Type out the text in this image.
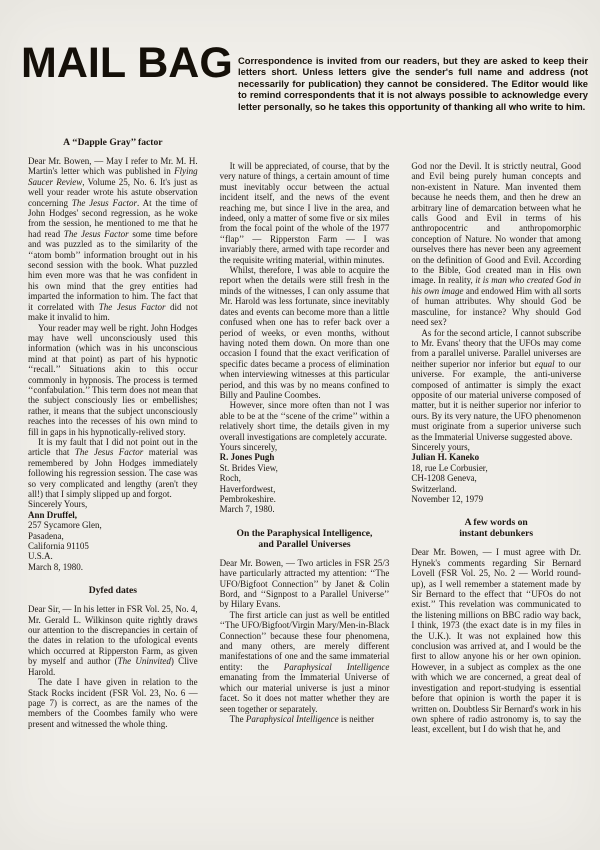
MAIL BAG Correspondence is invited from our readers, but they are asked to keep their letters short. Unless letters give the sender's full name and address (not necessarily for publication) they cannot be considered. The Editor would like to remind correspondents that it is not always possible to acknowledge every letter personally, so he takes this opportunity of thanking all who write to him.

A ‘‘Dapple Gray’’ factor

Dear Mr. Bowen, — May I refer to Mr. M. H. Martin's letter which was published in Flying Saucer Review, Volume 25, No. 6. It's just as well your reader wrote his astute observation concerning The Jesus Factor. At the time of John Hodges' second regression, as he woke from the session, he mentioned to me that he had read The Jesus Factor some time before and was puzzled as to the similarity of the ‘‘atom bomb’’ information brought out in his second session with the book. What puzzled him even more was that he was confident in his own mind that the grey entities had imparted the information to him. The fact that it correlated with The Jesus Factor did not make it invalid to him.

Your reader may well be right. John Hodges may have well unconsciously used this information (which was in his unconscious mind at that point) as part of his hypnotic ‘‘recall.’’ Situations akin to this occur commonly in hypnosis. The process is termed ‘‘confabulation.’’ This term does not mean that the subject consciously lies or embellishes; rather, it means that the subject unconsciously reaches into the recesses of his own mind to fill in gaps in his hypnotically-relived story.

It is my fault that I did not point out in the article that The Jesus Factor material was remembered by John Hodges immediately following his regression session. The case was so very complicated and lengthy (aren't they all!) that I simply slipped up and forgot.

Sincerely Yours,
Ann Druffel,
257 Sycamore Glen,
Pasadena,
California 91105
U.S.A.
March 8, 1980.
Dyfed dates

Dear Sir, — In his letter in FSR Vol. 25, No. 4, Mr. Gerald L. Wilkinson quite rightly draws our attention to the discrepancies in certain of the dates in relation to the ufological events which occurred at Ripperston Farm, as given by myself and author (The Uninvited) Clive Harold.

The date I have given in relation to the Stack Rocks incident (FSR Vol. 23, No. 6 — page 7) is correct, as are the names of the members of the Coombes family who were present and witnessed the whole thing.

It will be appreciated, of course, that by the very nature of things, a certain amount of time must inevitably occur between the actual incident itself, and the news of the event reaching me, but since I live in the area, and indeed, only a matter of some five or six miles from the focal point of the whole of the 1977 ‘‘flap’’ — Ripperston Farm — I was invariably there, armed with tape recorder and the requisite writing material, within minutes.

Whilst, therefore, I was able to acquire the report when the details were still fresh in the minds of the witnesses, I can only assume that Mr. Harold was less fortunate, since inevitably dates and events can become more than a little confused when one has to refer back over a period of weeks, or even months, without having noted them down. On more than one occasion I found that the exact verification of specific dates became a process of elimination when interviewing witnesses at this particular period, and this was by no means confined to Billy and Pauline Coombes.

However, since more often than not I was able to be at the ‘‘scene of the crime’’ within a relatively short time, the details given in my overall investigations are completely accurate.

Yours sincerely,
R. Jones Pugh
St. Brides View,
Roch,
Haverfordwest,
Pembrokeshire.
March 7, 1980.
On the Paraphysical Intelligence,
and Parallel Universes

Dear Mr. Bowen, — Two articles in FSR 25/3 have particularly attracted my attention: ‘‘The UFO/Bigfoot Connection’’ by Janet & Colin Bord, and ‘‘Signpost to a Parallel Universe’’ by Hilary Evans.

The first article can just as well be entitled ‘‘The UFO/Bigfoot/Virgin Mary/Men-in-Black Connection’’ because these four phenomena, and many others, are merely different manifestations of one and the same immaterial entity: the Paraphysical Intelligence emanating from the Immaterial Universe of which our material universe is just a minor facet. So it does not matter whether they are seen together or separately.

The Paraphysical Intelligence is neither

God nor the Devil. It is strictly neutral, Good and Evil being purely human concepts and non-existent in Nature. Man invented them because he needs them, and then he drew an arbitrary line of demarcation between what he calls Good and Evil in terms of his anthropocentric and anthropomorphic conception of Nature. No wonder that among ourselves there has never been any agreement on the definition of Good and Evil. According to the Bible, God created man in His own image. In reality, it is man who created God in his own image and endowed Him with all sorts of human attributes. Why should God be masculine, for instance? Why should God need sex?

As for the second article, I cannot subscribe to Mr. Evans' theory that the UFOs may come from a parallel universe. Parallel universes are neither superior nor inferior but equal to our universe. For example, the anti-universe composed of antimatter is simply the exact opposite of our material universe composed of matter, but it is neither superior nor inferior to ours. By its very nature, the UFO phenomenon must originate from a superior universe such as the Immaterial Universe suggested above.

Sincerely yours,
Julian H. Kaneko
18, rue Le Corbusier,
CH-1208 Geneva,
Switzerland.
November 12, 1979
A few words on
instant debunkers

Dear Mr. Bowen, — I must agree with Dr. Hynek's comments regarding Sir Bernard Lovell (FSR Vol. 25, No. 2 — World round-up), as I well remember a statement made by Sir Bernard to the effect that ‘‘UFOs do not exist.’’ This revelation was communicated to the listening millions on BBC radio way back, I think, 1973 (the exact date is in my files in the U.K.). It was not explained how this conclusion was arrived at, and I would be the first to allow anyone his or her own opinion. However, in a subject as complex as the one with which we are concerned, a great deal of investigation and report-studying is essential before that opinion is worth the paper it is written on. Doubtless Sir Bernard's work in his own sphere of radio astronomy is, to say the least, excellent, but I do wish that he, and
